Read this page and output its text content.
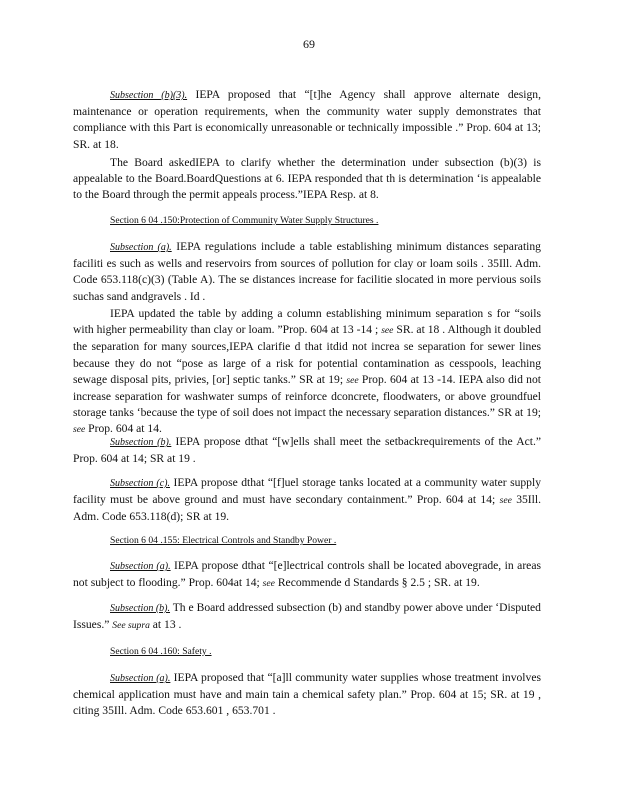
69

Subsection (b)(3). IEPA proposed that “[t]he Agency shall approve alternate design, maintenance or operation requirements, when the community water supply demonstrates that compliance with this Part is economically unreasonable or technically impossible .” Prop. 604 at 13; SR. at 18.

The Board askedIEPA to clarify whether the determination under subsection (b)(3) is appealable to the Board.BoardQuestions at 6. IEPA responded that th is determination ‘is appealable to the Board through the permit appeals process.”IEPA Resp. at 8.

Section 6 04 .150:Protection of Community Water Supply Structures .

Subsection (a). IEPA regulations include a table establishing minimum distances separating faciliti es such as wells and reservoirs from sources of pollution for clay or loam soils . 35Ill. Adm. Code 653.118(c)(3) (Table A). The se distances increase for facilitie slocated in more pervious soils suchas sand andgravels . Id .

IEPA updated the table by adding a column establishing minimum separation s for “soils with higher permeability than clay or loam. ”Prop. 604 at 13 -14 ; see SR. at 18 . Although it doubled the separation for many sources,IEPA clarifie d that itdid not increa se separation for sewer lines because they do not “pose as large of a risk for potential contamination as cesspools, leaching sewage disposal pits, privies, [or] septic tanks.” SR at 19; see Prop. 604 at 13 -14. IEPA also did not increase separation for washwater sumps of reinforce dconcrete, floodwaters, or above groundfuel storage tanks ‘because the type of soil does not impact the necessary separation distances.” SR at 19; see Prop. 604 at 14.

Subsection (b). IEPA propose dthat “[w]ells shall meet the setbackrequirements of the Act.” Prop. 604 at 14; SR at 19 .

Subsection (c). IEPA propose dthat “[f]uel storage tanks located at a community water supply facility must be above ground and must have secondary containment.” Prop. 604 at 14; see 35Ill. Adm. Code 653.118(d); SR at 19.

Section 6 04 .155: Electrical Controls and Standby Power .

Subsection (a). IEPA propose dthat “[e]lectrical controls shall be located abovegrade, in areas not subject to flooding.” Prop. 604at 14; see Recommende d Standards § 2.5 ; SR. at 19.

Subsection (b). Th e Board addressed subsection (b) and standby power above under ‘Disputed Issues.” See supra at 13 .

Section 6 04 .160: Safety .

Subsection (a). IEPA proposed that “[a]ll community water supplies whose treatment involves chemical application must have and main tain a chemical safety plan.” Prop. 604 at 15; SR. at 19 , citing 35Ill. Adm. Code 653.601 , 653.701 .
